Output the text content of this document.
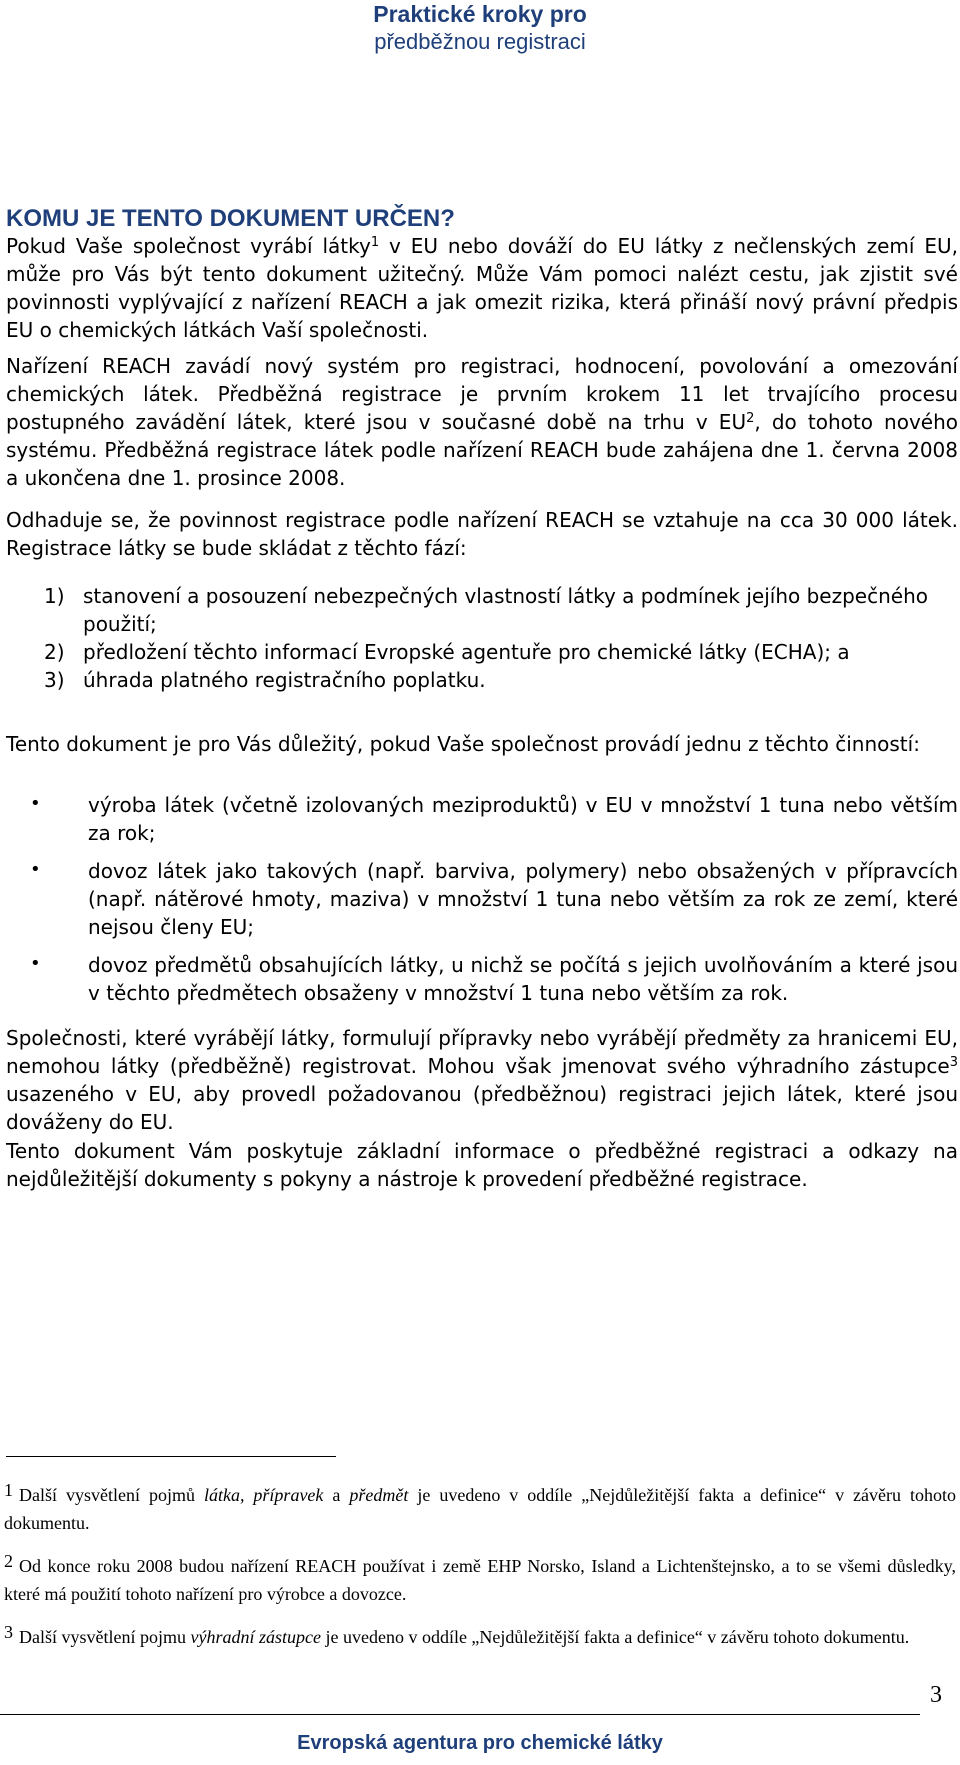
Praktické kroky pro
předběžnou registraci
KOMU JE TENTO DOKUMENT URČEN?
Pokud Vaše společnost vyrábí látky$^1$ v EU nebo dováží do EU látky z nečlenských zemí EU, může pro Vás být tento dokument užitečný. Může Vám pomoci nalézt cestu, jak zjistit své povinnosti vyplývající z nařízení REACH a jak omezit rizika, která přináší nový právní předpis EU o chemických látkách Vaší společnosti.
Nařízení REACH zavádí nový systém pro registraci, hodnocení, povolování a omezování chemických látek. Předběžná registrace je prvním krokem 11 let trvajícího procesu postupného zavádění látek, které jsou v současné době na trhu v $EU^2$, do tohoto nového systému. Předběžná registrace látek podle nařízení REACH bude zahájena dne 1. června 2008 a ukončena dne 1. prosince 2008.
Odhaduje se, že povinnost registrace podle nařízení REACH se vztahuje na cca 30 000 látek. Registrace látky se bude skládat z těchto fází:
1) stanovení a posouzení nebezpečných vlastností látky a podmínek jejího bezpečného použití;
2) předložení těchto informací Evropské agentuře pro chemické látky (ECHA); a
3) úhrada platného registračního poplatku.
Tento dokument je pro Vás důležitý, pokud Vaše společnost provádí jednu z těchto činností:
• výroba látek (včetně izolovaných meziproduktů) v EU v množství 1 tuna nebo větším za rok;
• dovoz látek jako takových (např. barviva, polymery) nebo obsažených v přípravcích (např. nátěrové hmoty, maziva) v množství 1 tuna nebo větším za rok ze zemí, které nejsou členy EU;
• dovoz předmětů obsahujících látky, u nichž se počítá s jejich uvolňováním a které jsou v těchto předmětech obsaženy v množství 1 tuna nebo větším za rok.
Společnosti, které vyrábějí látky, formulují přípravky nebo vyrábějí předměty za hranicemi EU, nemohou látky (předběžně) registrovat. Mohou však jmenovat svého výhradního zástupce$^3$ usazeného v EU, aby provedl požadovanou (předběžnou) registraci jejich látek, které jsou dováženy do EU.
Tento dokument Vám poskytuje základní informace o předběžné registraci a odkazy na nejdůležitější dokumenty s pokyny a nástroje k provedení předběžné registrace.
1 Další vysvětlení pojmů látka, přípravek a předmět je uvedeno v oddíle „Nejdůležitější fakta a definice“ v závěru tohoto dokumentu.
2 Od konce roku 2008 budou nařízení REACH používat i země EHP Norsko, Island a Lichtenštejnsko, a to se všemi důsledky, které má použití tohoto nařízení pro výrobce a dovozce.
3 Další vysvětlení pojmu výhradní zástupce je uvedeno v oddíle „Nejdůležitější fakta a definice“ v závěru tohoto dokumentu.
3
Evropská agentura pro chemické látky
